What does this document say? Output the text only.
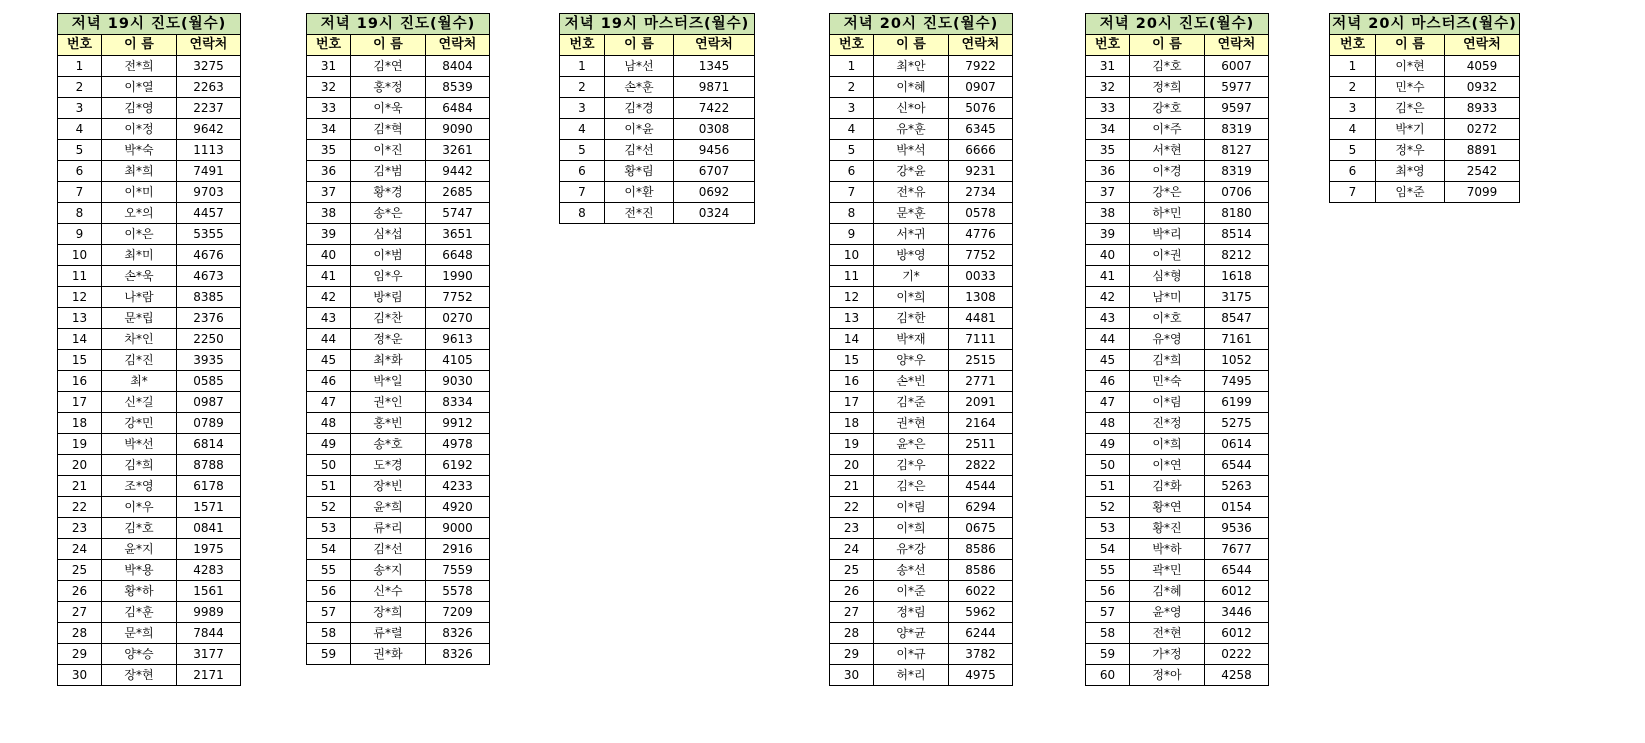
저녁 19시 진도(월수)		
번호	이 름	연락처
1	전*희	3275
2	이*열	2263
3	김*영	2237
4	이*정	9642
5	박*숙	1113
6	최*희	7491
7	이*미	9703
8	오*의	4457
9	이*은	5355
10	최*미	4676
11	손*욱	4673
12	나*람	8385
13	문*립	2376
14	차*인	2250
15	김*진	3935
16	최*	0585
17	신*길	0987
18	강*민	0789
19	박*선	6814
20	김*희	8788
21	조*영	6178
22	이*우	1571
23	김*호	0841
24	윤*지	1975
25	박*용	4283
26	황*하	1561
27	김*훈	9989
28	문*희	7844
29	양*승	3177
30	장*현	2171
저녁 19시 진도(월수)		
번호	이 름	연락처
31	김*연	8404
32	홍*정	8539
33	이*욱	6484
34	김*혁	9090
35	이*진	3261
36	김*범	9442
37	황*경	2685
38	송*은	5747
39	심*섭	3651
40	이*범	6648
41	임*우	1990
42	방*림	7752
43	김*찬	0270
44	정*운	9613
45	최*화	4105
46	박*일	9030
47	권*인	8334
48	홍*빈	9912
49	송*호	4978
50	도*경	6192
51	장*빈	4233
52	윤*희	4920
53	류*리	9000
54	김*선	2916
55	송*지	7559
56	신*수	5578
57	장*희	7209
58	류*렬	8326
59	권*화	8326
저녁 19시 마스터즈(월수)		
번호	이 름	연락처
1	남*선	1345
2	손*훈	9871
3	김*경	7422
4	이*윤	0308
5	김*선	9456
6	황*림	6707
7	이*환	0692
8	전*진	0324
저녁 20시 진도(월수)		
번호	이 름	연락처
1	최*안	7922
2	이*혜	0907
3	신*아	5076
4	유*훈	6345
5	박*석	6666
6	강*윤	9231
7	전*유	2734
8	문*훈	0578
9	서*귀	4776
10	방*영	7752
11	기*	0033
12	이*희	1308
13	김*한	4481
14	박*재	7111
15	양*우	2515
16	손*빈	2771
17	김*준	2091
18	권*현	2164
19	윤*은	2511
20	김*우	2822
21	김*은	4544
22	이*림	6294
23	이*희	0675
24	유*강	8586
25	송*선	8586
26	이*준	6022
27	정*림	5962
28	양*균	6244
29	이*규	3782
30	허*리	4975
저녁 20시 진도(월수)		
번호	이 름	연락처
31	김*호	6007
32	정*희	5977
33	강*호	9597
34	이*주	8319
35	서*현	8127
36	이*경	8319
37	강*은	0706
38	하*민	8180
39	박*리	8514
40	이*권	8212
41	심*형	1618
42	남*미	3175
43	이*호	8547
44	유*영	7161
45	김*희	1052
46	민*숙	7495
47	이*림	6199
48	진*정	5275
49	이*희	0614
50	이*연	6544
51	김*화	5263
52	황*연	0154
53	황*진	9536
54	박*하	7677
55	곽*민	6544
56	김*혜	6012
57	윤*영	3446
58	전*현	6012
59	가*정	0222
60	정*아	4258
저녁 20시 마스터즈(월수)		
번호	이 름	연락처
1	이*현	4059
2	민*수	0932
3	김*은	8933
4	박*기	0272
5	정*우	8891
6	최*영	2542
7	임*준	7099
